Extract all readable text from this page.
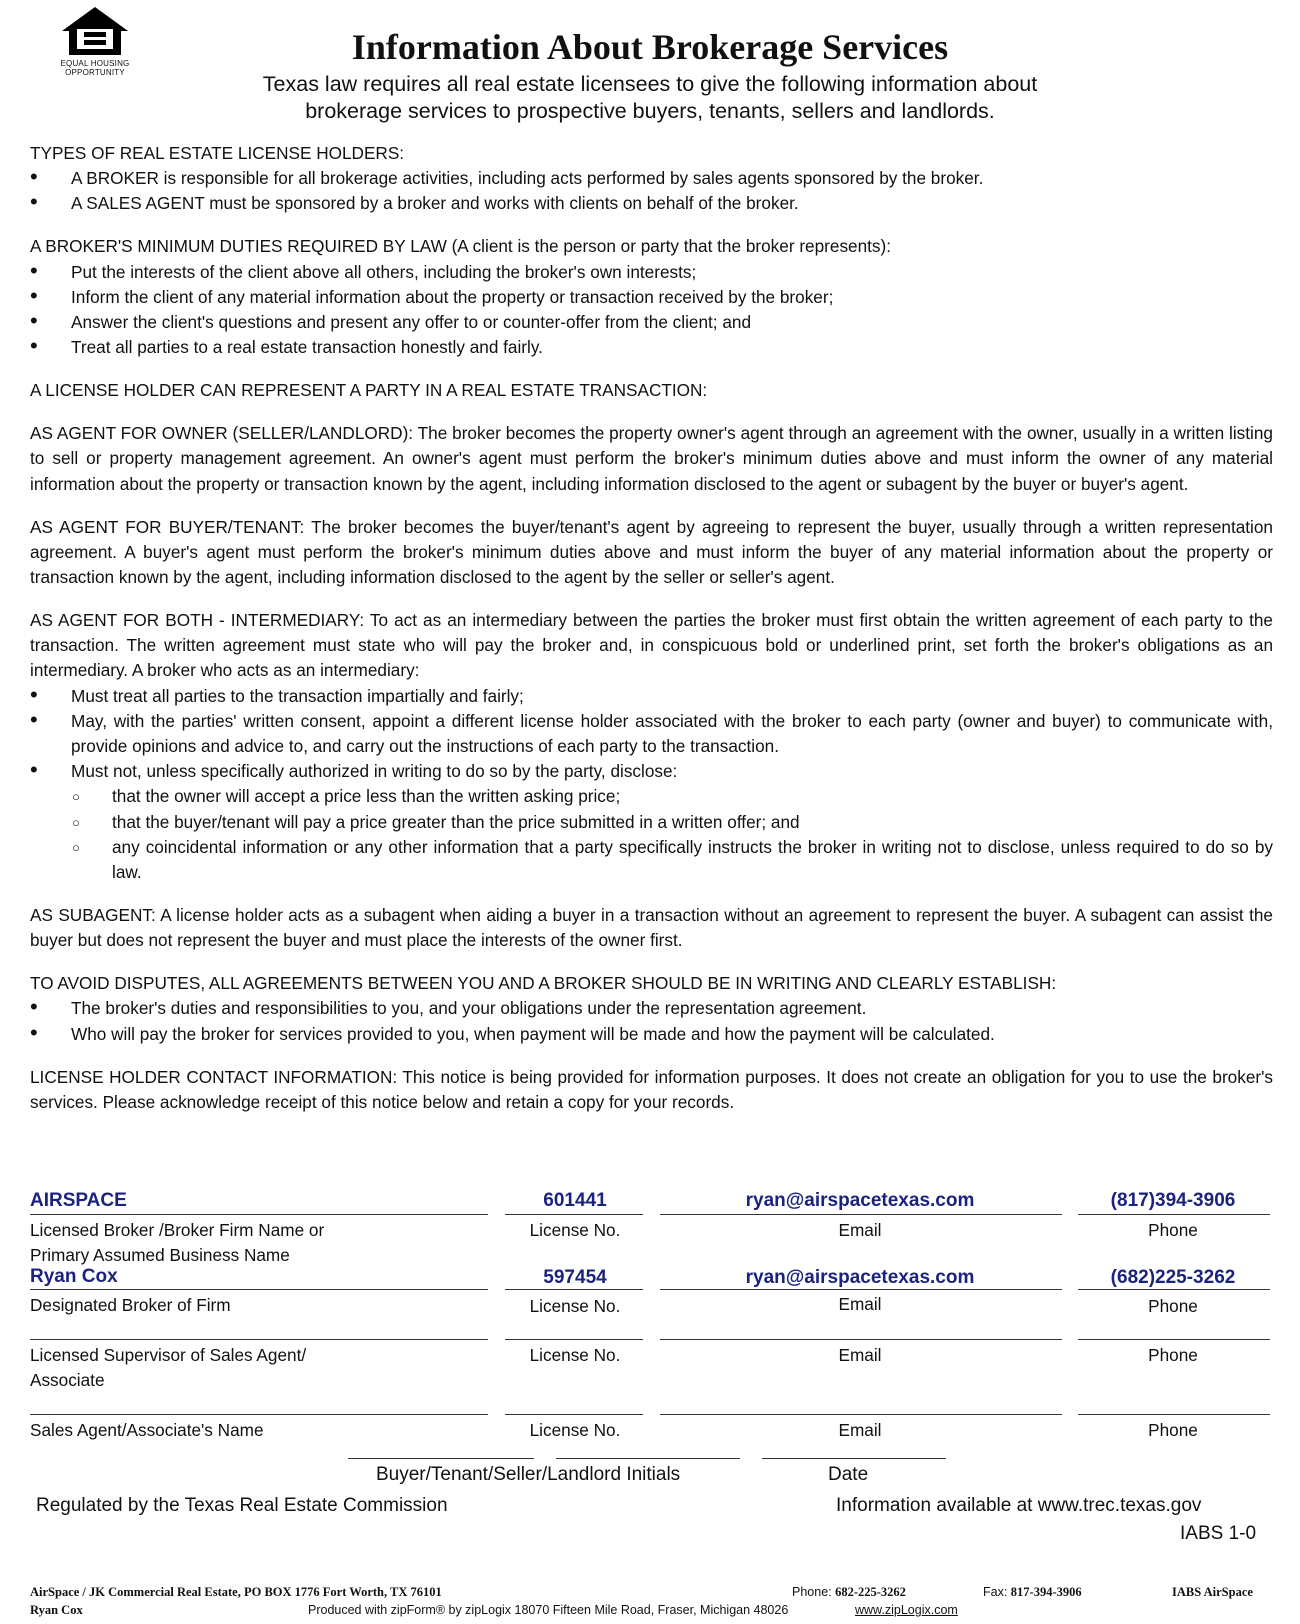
EQUAL HOUSING
OPPORTUNITY
Information About Brokerage Services
Texas law requires all real estate licensees to give the following information about
brokerage services to prospective buyers, tenants, sellers and landlords.
TYPES OF REAL ESTATE LICENSE HOLDERS:
• A BROKER is responsible for all brokerage activities, including acts performed by sales agents sponsored by the broker.
• A SALES AGENT must be sponsored by a broker and works with clients on behalf of the broker.
A BROKER'S MINIMUM DUTIES REQUIRED BY LAW (A client is the person or party that the broker represents):
• Put the interests of the client above all others, including the broker's own interests;
• Inform the client of any material information about the property or transaction received by the broker;
• Answer the client's questions and present any offer to or counter-offer from the client; and
• Treat all parties to a real estate transaction honestly and fairly.
A LICENSE HOLDER CAN REPRESENT A PARTY IN A REAL ESTATE TRANSACTION:
AS AGENT FOR OWNER (SELLER/LANDLORD): The broker becomes the property owner's agent through an agreement with the owner, usually in a written listing to sell or property management agreement. An owner's agent must perform the broker's minimum duties above and must inform the owner of any material information about the property or transaction known by the agent, including information disclosed to the agent or subagent by the buyer or buyer's agent.
AS AGENT FOR BUYER/TENANT: The broker becomes the buyer/tenant's agent by agreeing to represent the buyer, usually through a written representation agreement. A buyer's agent must perform the broker's minimum duties above and must inform the buyer of any material information about the property or transaction known by the agent, including information disclosed to the agent by the seller or seller's agent.
AS AGENT FOR BOTH - INTERMEDIARY: To act as an intermediary between the parties the broker must first obtain the written agreement of each party to the transaction. The written agreement must state who will pay the broker and, in conspicuous bold or underlined print, set forth the broker's obligations as an intermediary. A broker who acts as an intermediary:
• Must treat all parties to the transaction impartially and fairly;
• May, with the parties' written consent, appoint a different license holder associated with the broker to each party (owner and buyer) to communicate with, provide opinions and advice to, and carry out the instructions of each party to the transaction.
• Must not, unless specifically authorized in writing to do so by the party, disclose:
○ that the owner will accept a price less than the written asking price;
○ that the buyer/tenant will pay a price greater than the price submitted in a written offer; and
○ any coincidental information or any other information that a party specifically instructs the broker in writing not to disclose, unless required to do so by law.
AS SUBAGENT: A license holder acts as a subagent when aiding a buyer in a transaction without an agreement to represent the buyer. A subagent can assist the buyer but does not represent the buyer and must place the interests of the owner first.
TO AVOID DISPUTES, ALL AGREEMENTS BETWEEN YOU AND A BROKER SHOULD BE IN WRITING AND CLEARLY ESTABLISH:
• The broker's duties and responsibilities to you, and your obligations under the representation agreement.
• Who will pay the broker for services provided to you, when payment will be made and how the payment will be calculated.
LICENSE HOLDER CONTACT INFORMATION: This notice is being provided for information purposes. It does not create an obligation for you to use the broker's services. Please acknowledge receipt of this notice below and retain a copy for your records.
AIRSPACE	601441	ryan@airspacetexas.com	(817)394-3906
Licensed Broker /Broker Firm Name or
Primary Assumed Business Name
License No.	Email	Phone
Ryan Cox	597454	ryan@airspacetexas.com	(682)225-3262
Designated Broker of Firm	License No.	Email	Phone
Licensed Supervisor of Sales Agent/
Associate
License No.	Email	Phone
Sales Agent/Associate's Name	License No.	Email	Phone
Buyer/Tenant/Seller/Landlord Initials	Date
Regulated by the Texas Real Estate Commission	Information available at www.trec.texas.gov
IABS 1-0
AirSpace / JK Commercial Real Estate, PO BOX 1776 Fort Worth, TX 76101
Ryan Cox
Phone: 682-225-3262	Fax: 817-394-3906	IABS AirSpace
Produced with zipForm® by zipLogix 18070 Fifteen Mile Road, Fraser, Michigan 48026	www.zipLogix.com
